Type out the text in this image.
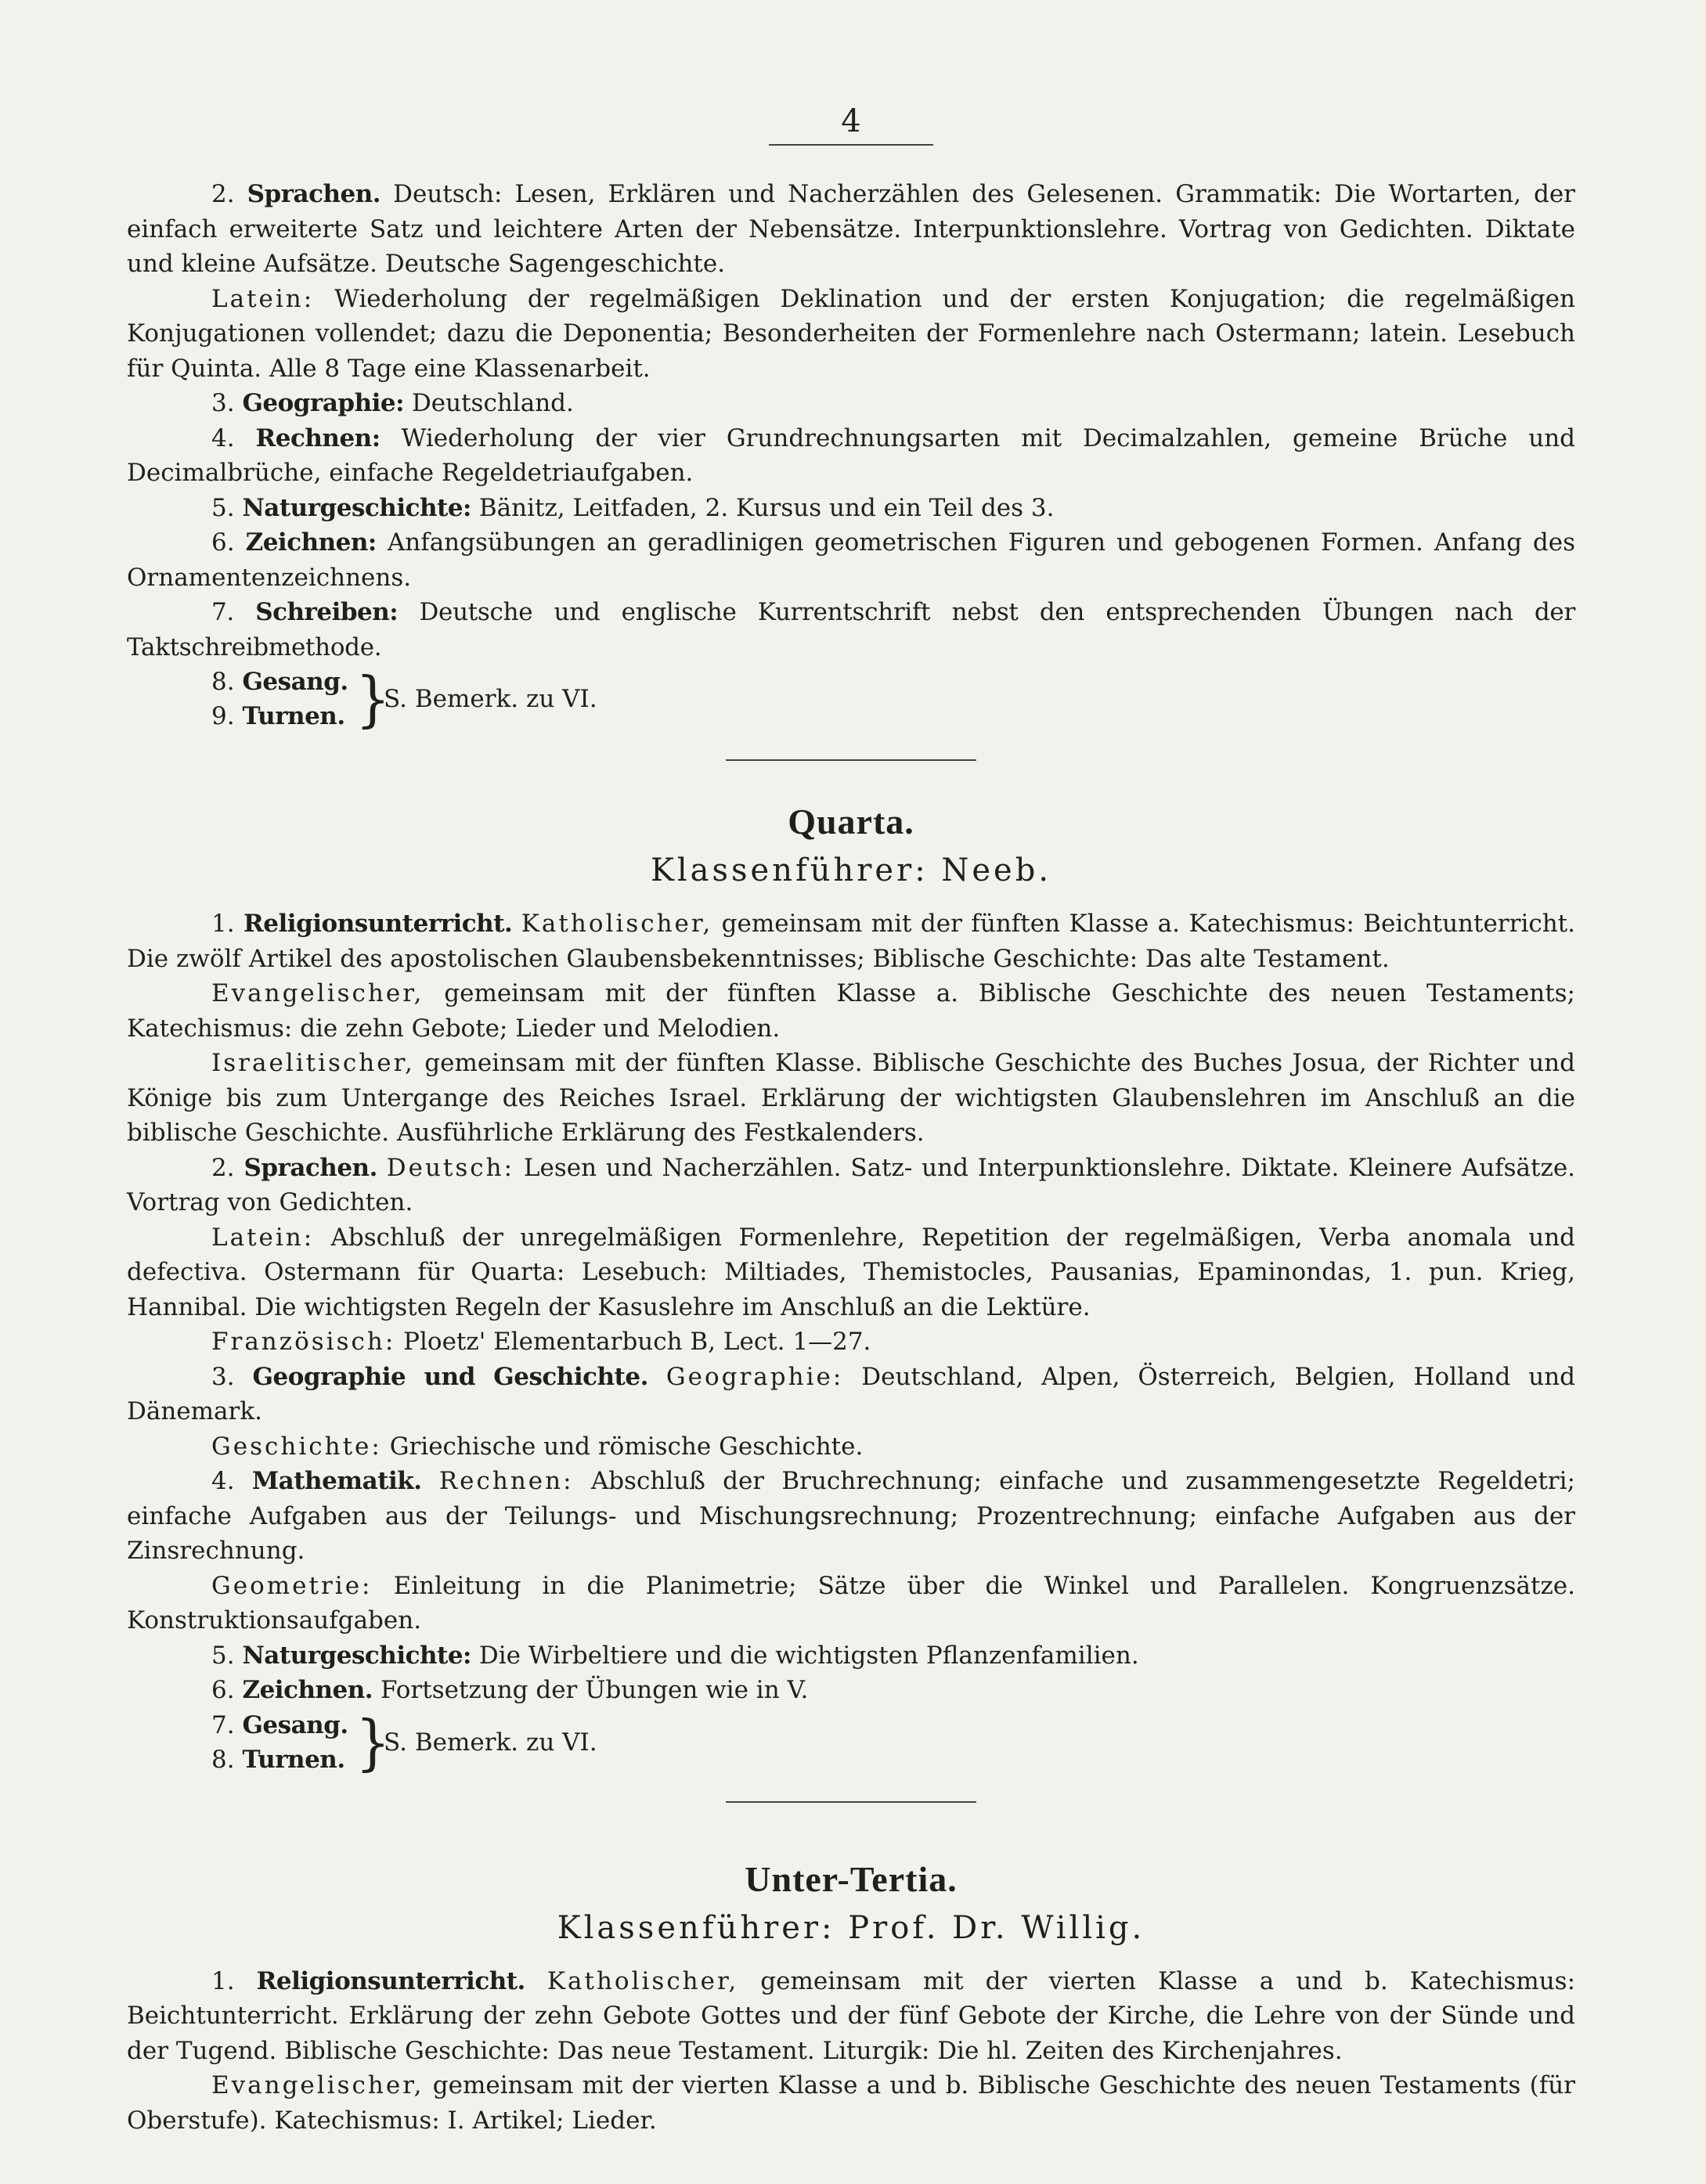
4

2. Sprachen. Deutsch: Lesen, Erklären und Nacherzählen des Gelesenen. Grammatik: Die Wortarten, der einfach erweiterte Satz und leichtere Arten der Nebensätze. Interpunktionslehre. Vortrag von Gedichten. Diktate und kleine Aufsätze. Deutsche Sagengeschichte.

Latein: Wiederholung der regelmäßigen Deklination und der ersten Konjugation; die regelmäßigen Konjugationen vollendet; dazu die Deponentia; Besonderheiten der Formenlehre nach Ostermann; latein. Lesebuch für Quinta. Alle 8 Tage eine Klassenarbeit.

3. Geographie: Deutschland.

4. Rechnen: Wiederholung der vier Grundrechnungsarten mit Decimalzahlen, gemeine Brüche und Decimalbrüche, einfache Regeldetriaufgaben.

5. Naturgeschichte: Bänitz, Leitfaden, 2. Kursus und ein Teil des 3.

6. Zeichnen: Anfangsübungen an geradlinigen geometrischen Figuren und gebogenen Formen. Anfang des Ornamentenzeichnens.

7. Schreiben: Deutsche und englische Kurrentschrift nebst den entsprechenden Übungen nach der Taktschreibmethode.

8. Gesang.
9. Turnen. }
S. Bemerk. zu VI.
Quarta.
Klassenführer: Neeb.

1. Religionsunterricht. Katholischer, gemeinsam mit der fünften Klasse a. Katechismus: Beichtunterricht. Die zwölf Artikel des apostolischen Glaubensbekenntnisses; Biblische Geschichte: Das alte Testament.

Evangelischer, gemeinsam mit der fünften Klasse a. Biblische Geschichte des neuen Testaments; Katechismus: die zehn Gebote; Lieder und Melodien.

Israelitischer, gemeinsam mit der fünften Klasse. Biblische Geschichte des Buches Josua, der Richter und Könige bis zum Untergange des Reiches Israel. Erklärung der wichtigsten Glaubenslehren im Anschluß an die biblische Geschichte. Ausführliche Erklärung des Festkalenders.

2. Sprachen. Deutsch: Lesen und Nacherzählen. Satz- und Interpunktionslehre. Diktate. Kleinere Aufsätze. Vortrag von Gedichten.

Latein: Abschluß der unregelmäßigen Formenlehre, Repetition der regelmäßigen, Verba anomala und defectiva. Ostermann für Quarta: Lesebuch: Miltiades, Themistocles, Pausanias, Epaminondas, 1. pun. Krieg, Hannibal. Die wichtigsten Regeln der Kasuslehre im Anschluß an die Lektüre.

Französisch: Ploetz' Elementarbuch B, Lect. 1—27.

3. Geographie und Geschichte. Geographie: Deutschland, Alpen, Österreich, Belgien, Holland und Dänemark.

Geschichte: Griechische und römische Geschichte.

4. Mathematik. Rechnen: Abschluß der Bruchrechnung; einfache und zusammengesetzte Regeldetri; einfache Aufgaben aus der Teilungs- und Mischungsrechnung; Prozentrechnung; einfache Aufgaben aus der Zinsrechnung.

Geometrie: Einleitung in die Planimetrie; Sätze über die Winkel und Parallelen. Kongruenzsätze. Konstruktionsaufgaben.

5. Naturgeschichte: Die Wirbeltiere und die wichtigsten Pflanzenfamilien.

6. Zeichnen. Fortsetzung der Übungen wie in V.

7. Gesang.
8. Turnen. }
S. Bemerk. zu VI.
Unter-Tertia.
Klassenführer: Prof. Dr. Willig.

1. Religionsunterricht. Katholischer, gemeinsam mit der vierten Klasse a und b. Katechismus: Beichtunterricht. Erklärung der zehn Gebote Gottes und der fünf Gebote der Kirche, die Lehre von der Sünde und der Tugend. Biblische Geschichte: Das neue Testament. Liturgik: Die hl. Zeiten des Kirchenjahres.

Evangelischer, gemeinsam mit der vierten Klasse a und b. Biblische Geschichte des neuen Testaments (für Oberstufe). Katechismus: I. Artikel; Lieder.
